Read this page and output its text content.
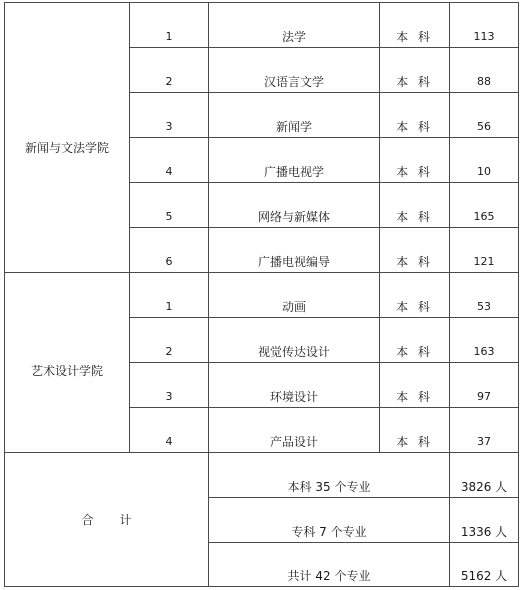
新闻与文法学院
1	法学	本 科	113
2	汉语言文学	本 科	88
3	新闻学	本 科	56
4	广播电视学	本 科	10
5	网络与新媒体	本 科	165
6	广播电视编导	本 科	121
艺术设计学院
1	动画	本 科	53
2	视觉传达设计	本 科	163
3	环境设计	本 科	97
4	产品设计	本 科	37
合计
本科 35 个专业	3826 人
专科 7 个专业	1336 人
共计 42 个专业	5162 人
